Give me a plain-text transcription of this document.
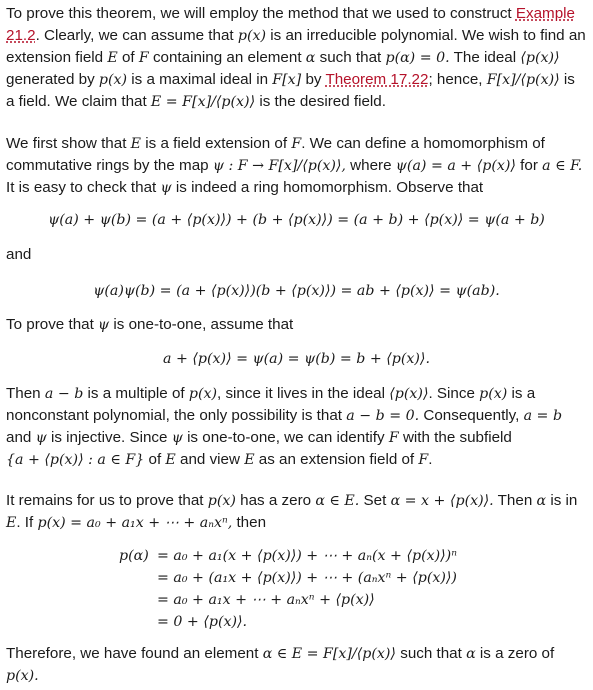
To prove this theorem, we will employ the method that we used to construct Example 21.2. Clearly, we can assume that p(x) is an irreducible polynomial. We wish to find an extension field E of F containing an element α such that p(α) = 0. The ideal ⟨p(x)⟩ generated by p(x) is a maximal ideal in F[x] by Theorem 17.22; hence, F[x]/⟨p(x)⟩ is a field. We claim that E = F[x]/⟨p(x)⟩ is the desired field.

We first show that E is a field extension of F. We can define a homomorphism of commutative rings by the map ψ : F → F[x]/⟨p(x)⟩, where ψ(a) = a + ⟨p(x)⟩ for a ∈ F. It is easy to check that ψ is indeed a ring homomorphism. Observe that

ψ(a) + ψ(b) = (a + ⟨p(x)⟩) + (b + ⟨p(x)⟩) = (a + b) + ⟨p(x)⟩ = ψ(a + b)

and

ψ(a)ψ(b) = (a + ⟨p(x)⟩)(b + ⟨p(x)⟩) = ab + ⟨p(x)⟩ = ψ(ab).

To prove that ψ is one-to-one, assume that

a + ⟨p(x)⟩ = ψ(a) = ψ(b) = b + ⟨p(x)⟩.

Then a − b is a multiple of p(x), since it lives in the ideal ⟨p(x)⟩. Since p(x) is a nonconstant polynomial, the only possibility is that a − b = 0. Consequently, a = b and ψ is injective. Since ψ is one-to-one, we can identify F with the subfield {a + ⟨p(x)⟩ : a ∈ F} of E and view E as an extension field of F.

It remains for us to prove that p(x) has a zero α ∈ E. Set α = x + ⟨p(x)⟩. Then α is in E. If p(x) = a₀ + a₁x + ⋯ + aₙxⁿ, then

p(α) = a₀ + a₁(x + ⟨p(x)⟩) + ⋯ + aₙ(x + ⟨p(x)⟩)ⁿ
= a₀ + (a₁x + ⟨p(x)⟩) + ⋯ + (aₙxⁿ + ⟨p(x)⟩)
= a₀ + a₁x + ⋯ + aₙxⁿ + ⟨p(x)⟩
= 0 + ⟨p(x)⟩.

Therefore, we have found an element α ∈ E = F[x]/⟨p(x)⟩ such that α is a zero of p(x).
